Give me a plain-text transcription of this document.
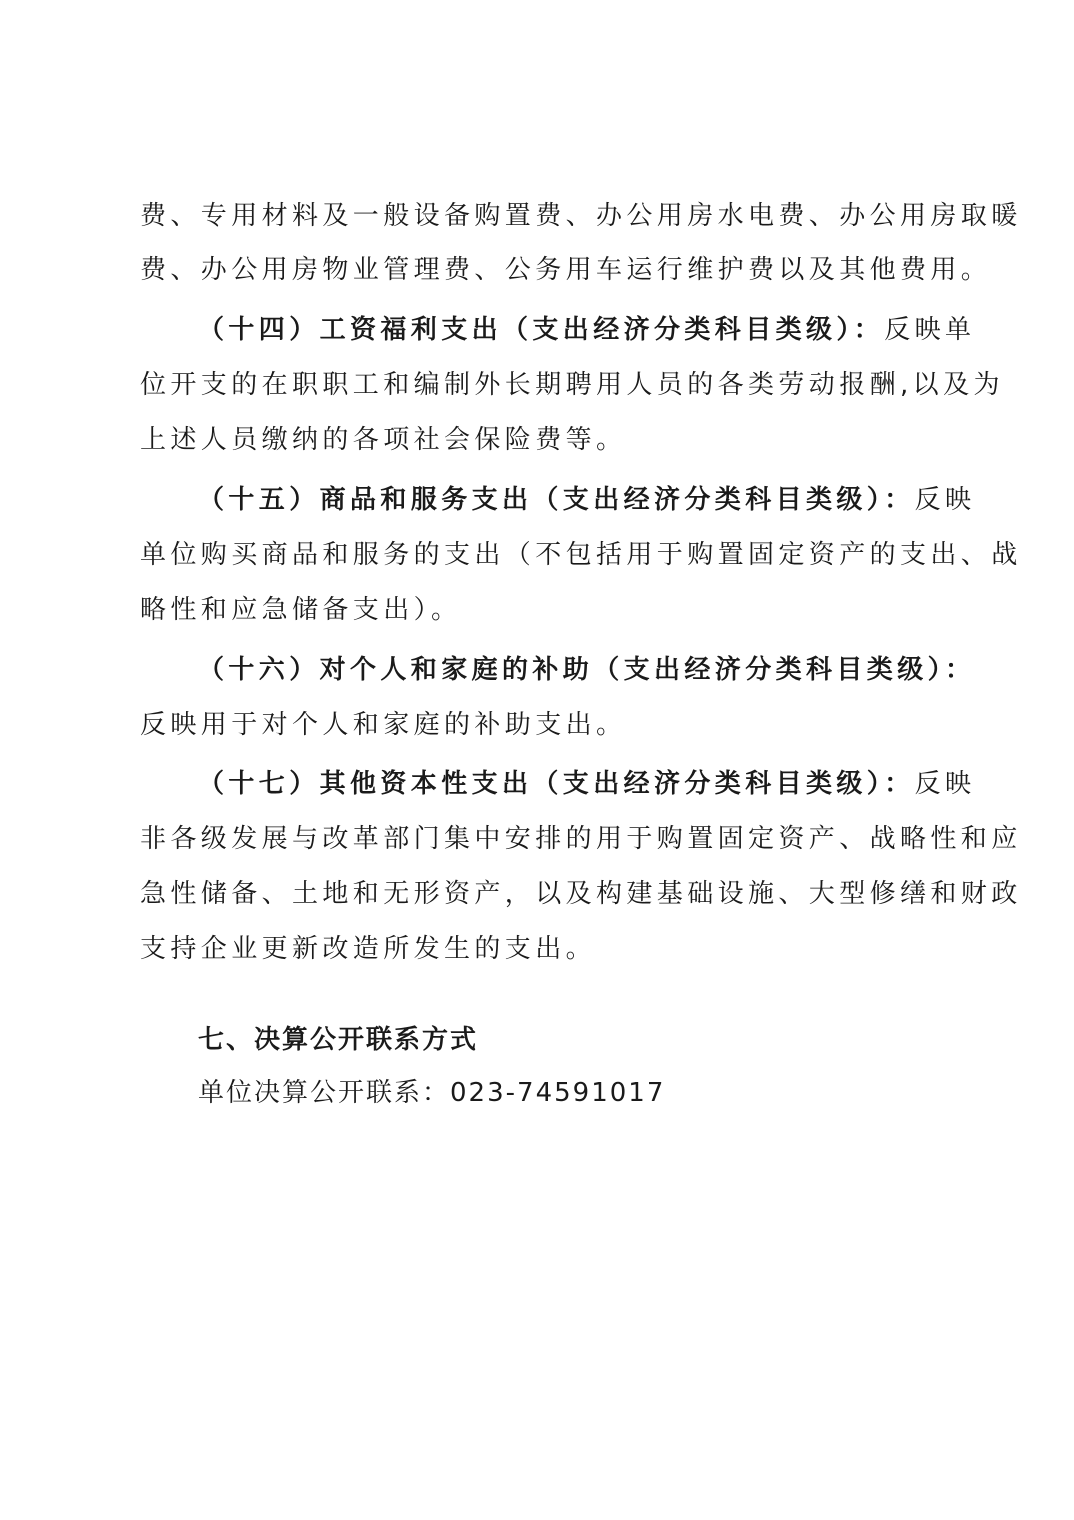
费、专用材料及一般设备购置费、办公用房水电费、办公用房取暖
费、办公用房物业管理费、公务用车运行维护费以及其他费用。
（十四）工资福利支出（支出经济分类科目类级）：反映单
位开支的在职职工和编制外长期聘用人员的各类劳动报酬,以及为
上述人员缴纳的各项社会保险费等。
（十五）商品和服务支出（支出经济分类科目类级）：反映
单位购买商品和服务的支出（不包括用于购置固定资产的支出、战
略性和应急储备支出）。
（十六）对个人和家庭的补助（支出经济分类科目类级）：
反映用于对个人和家庭的补助支出。
（十七）其他资本性支出（支出经济分类科目类级）：反映
非各级发展与改革部门集中安排的用于购置固定资产、战略性和应
急性储备、土地和无形资产，以及构建基础设施、大型修缮和财政
支持企业更新改造所发生的支出。
七、决算公开联系方式
单位决算公开联系：023-74591017
